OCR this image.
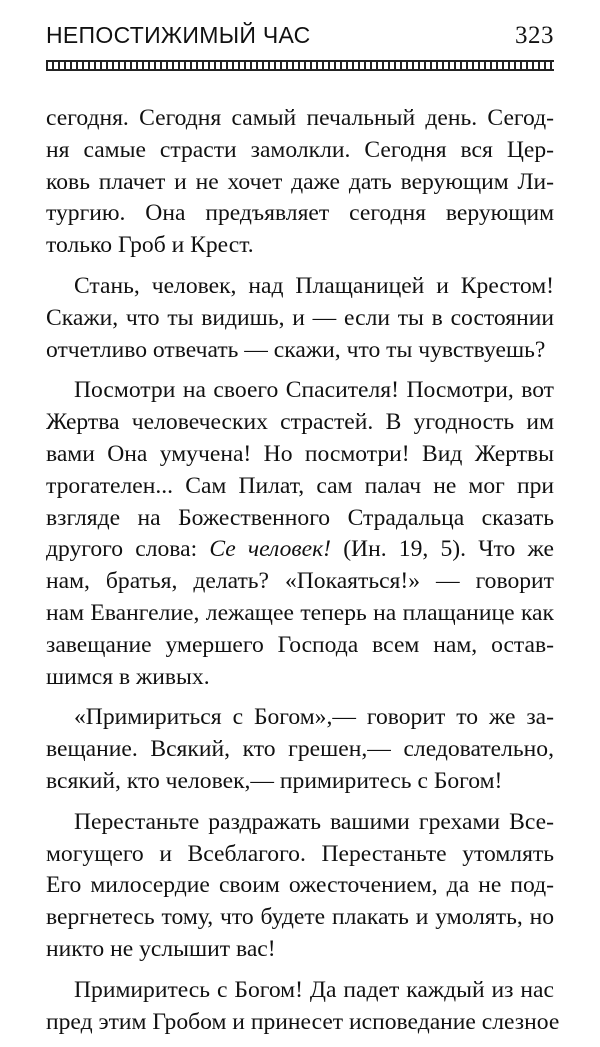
НЕПОСТИЖИМЫЙ ЧАС	323
сегодня. Сегодня самый печальный день. Сегод-
ня самые страсти замолкли. Сегодня вся Цер-
ковь плачет и не хочет даже дать верующим Ли-
тургию. Она предъявляет сегодня верующим
только Гроб и Крест.
Стань, человек, над Плащаницей и Крестом!
Скажи, что ты видишь, и — если ты в состоянии
отчетливо отвечать — скажи, что ты чувствуешь?
Посмотри на своего Спасителя! Посмотри, вот
Жертва человеческих страстей. В угодность им
вами Она умучена! Но посмотри! Вид Жертвы
трогателен... Сам Пилат, сам палач не мог при
взгляде на Божественного Страдальца сказать
другого слова: Се человек! (Ин. 19, 5). Что же
нам, братья, делать? «Покаяться!» — говорит
нам Евангелие, лежащее теперь на плащанице как
завещание умершего Господа всем нам, остав-
шимся в живых.
«Примириться с Богом»,— говорит то же за-
вещание. Всякий, кто грешен,— следовательно,
всякий, кто человек,— примиритесь с Богом!
Перестаньте раздражать вашими грехами Все-
могущего и Всеблагого. Перестаньте утомлять
Его милосердие своим ожесточением, да не под-
вергнетесь тому, что будете плакать и умолять, но
никто не услышит вас!
Примиритесь с Богом! Да падет каждый из нас
пред этим Гробом и принесет исповедание слезное
